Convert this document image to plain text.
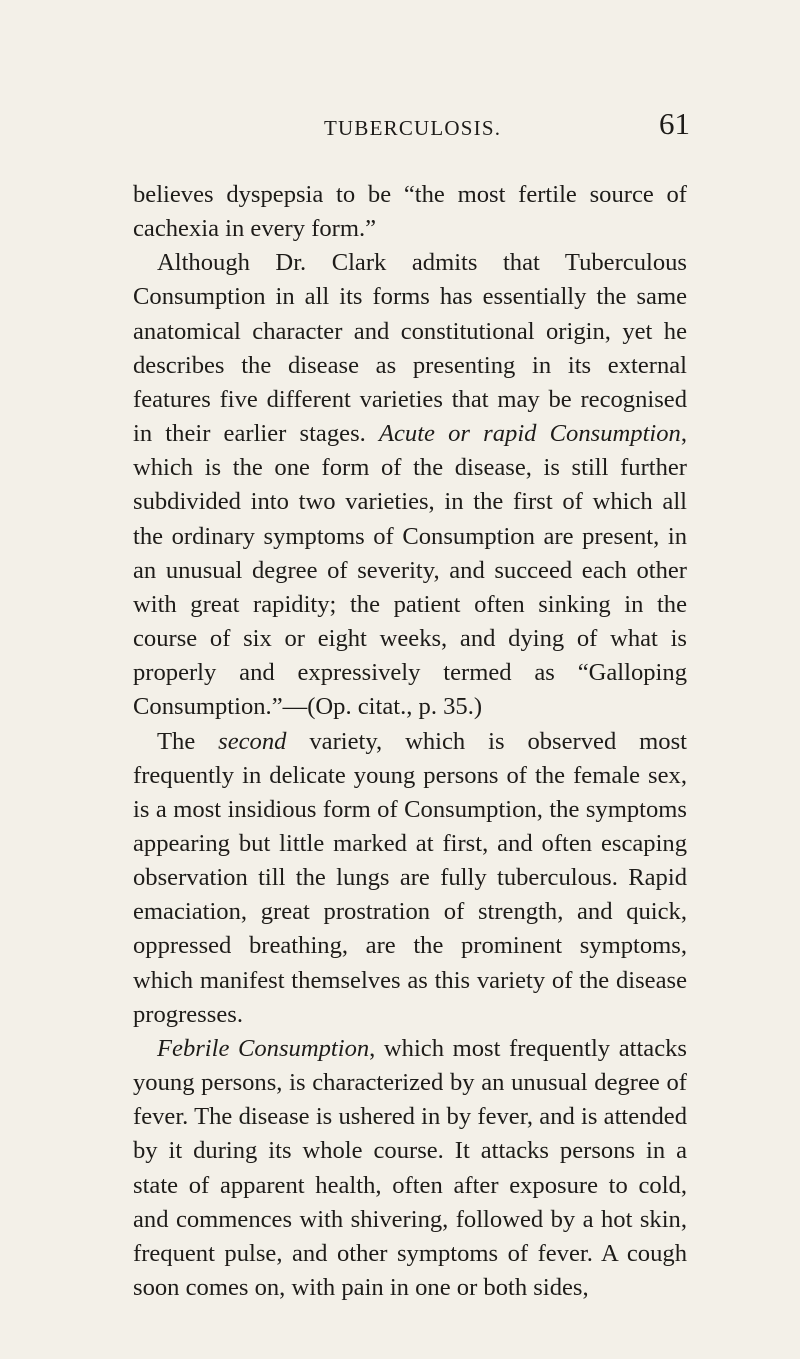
TUBERCULOSIS.	61

believes dyspepsia to be “the most fertile source of cachexia in every form.”

Although Dr. Clark admits that Tuberculous Consumption in all its forms has essentially the same anatomical character and constitutional origin, yet he describes the disease as presenting in its external features five different varieties that may be recognised in their earlier stages. Acute or rapid Consumption, which is the one form of the disease, is still further subdivided into two varieties, in the first of which all the ordinary symptoms of Consumption are present, in an unusual degree of severity, and succeed each other with great rapidity; the patient often sinking in the course of six or eight weeks, and dying of what is properly and expressively termed as “Galloping Consumption.”—(Op. citat., p. 35.)

The second variety, which is observed most frequently in delicate young persons of the female sex, is a most insidious form of Consumption, the symptoms appearing but little marked at first, and often escaping observation till the lungs are fully tuberculous. Rapid emaciation, great prostration of strength, and quick, oppressed breathing, are the prominent symptoms, which manifest themselves as this variety of the disease progresses.

Febrile Consumption, which most frequently attacks young persons, is characterized by an unusual degree of fever. The disease is ushered in by fever, and is attended by it during its whole course. It attacks persons in a state of apparent health, often after exposure to cold, and commences with shivering, followed by a hot skin, frequent pulse, and other symptoms of fever. A cough soon comes on, with pain in one or both sides,
